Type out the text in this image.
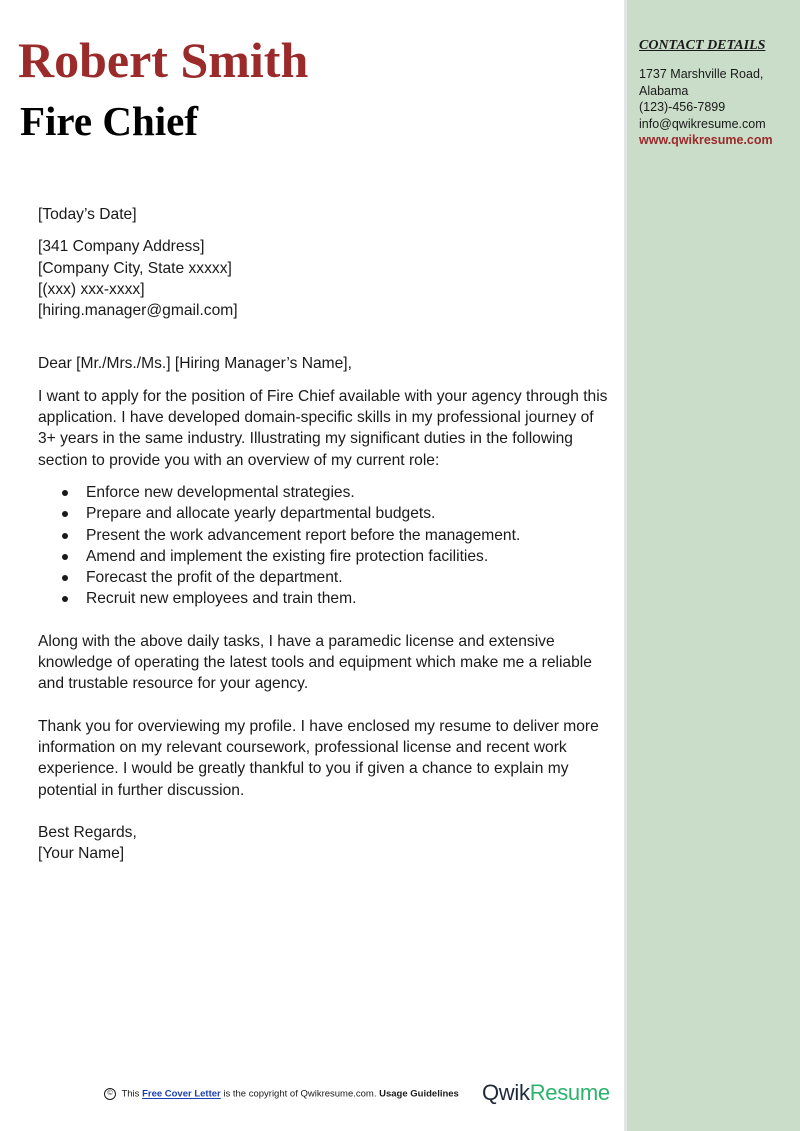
Robert Smith
Fire Chief
CONTACT DETAILS
1737 Marshville Road,
Alabama
(123)-456-7899
info@qwikresume.com
www.qwikresume.com

[Today’s Date]

[341 Company Address]

[Company City, State xxxxx]

[(xxx) xxx-xxxx]

[hiring.manager@gmail.com]

Dear [Mr./Mrs./Ms.] [Hiring Manager’s Name],

I want to apply for the position of Fire Chief available with your agency through this application. I have developed domain-specific skills in my professional journey of 3+ years in the same industry. Illustrating my significant duties in the following section to provide you with an overview of my current role:

Enforce new developmental strategies.
Prepare and allocate yearly departmental budgets.
Present the work advancement report before the management.
Amend and implement the existing fire protection facilities.
Forecast the profit of the department.
Recruit new employees and train them.

Along with the above daily tasks, I have a paramedic license and extensive knowledge of operating the latest tools and equipment which make me a reliable and trustable resource for your agency.

Thank you for overviewing my profile. I have enclosed my resume to deliver more information on my relevant coursework, professional license and recent work experience. I would be greatly thankful to you if given a chance to explain my potential in further discussion.

Best Regards,

[Your Name]

© This Free Cover Letter is the copyright of Qwikresume.com. Usage Guidelines QwikResume
